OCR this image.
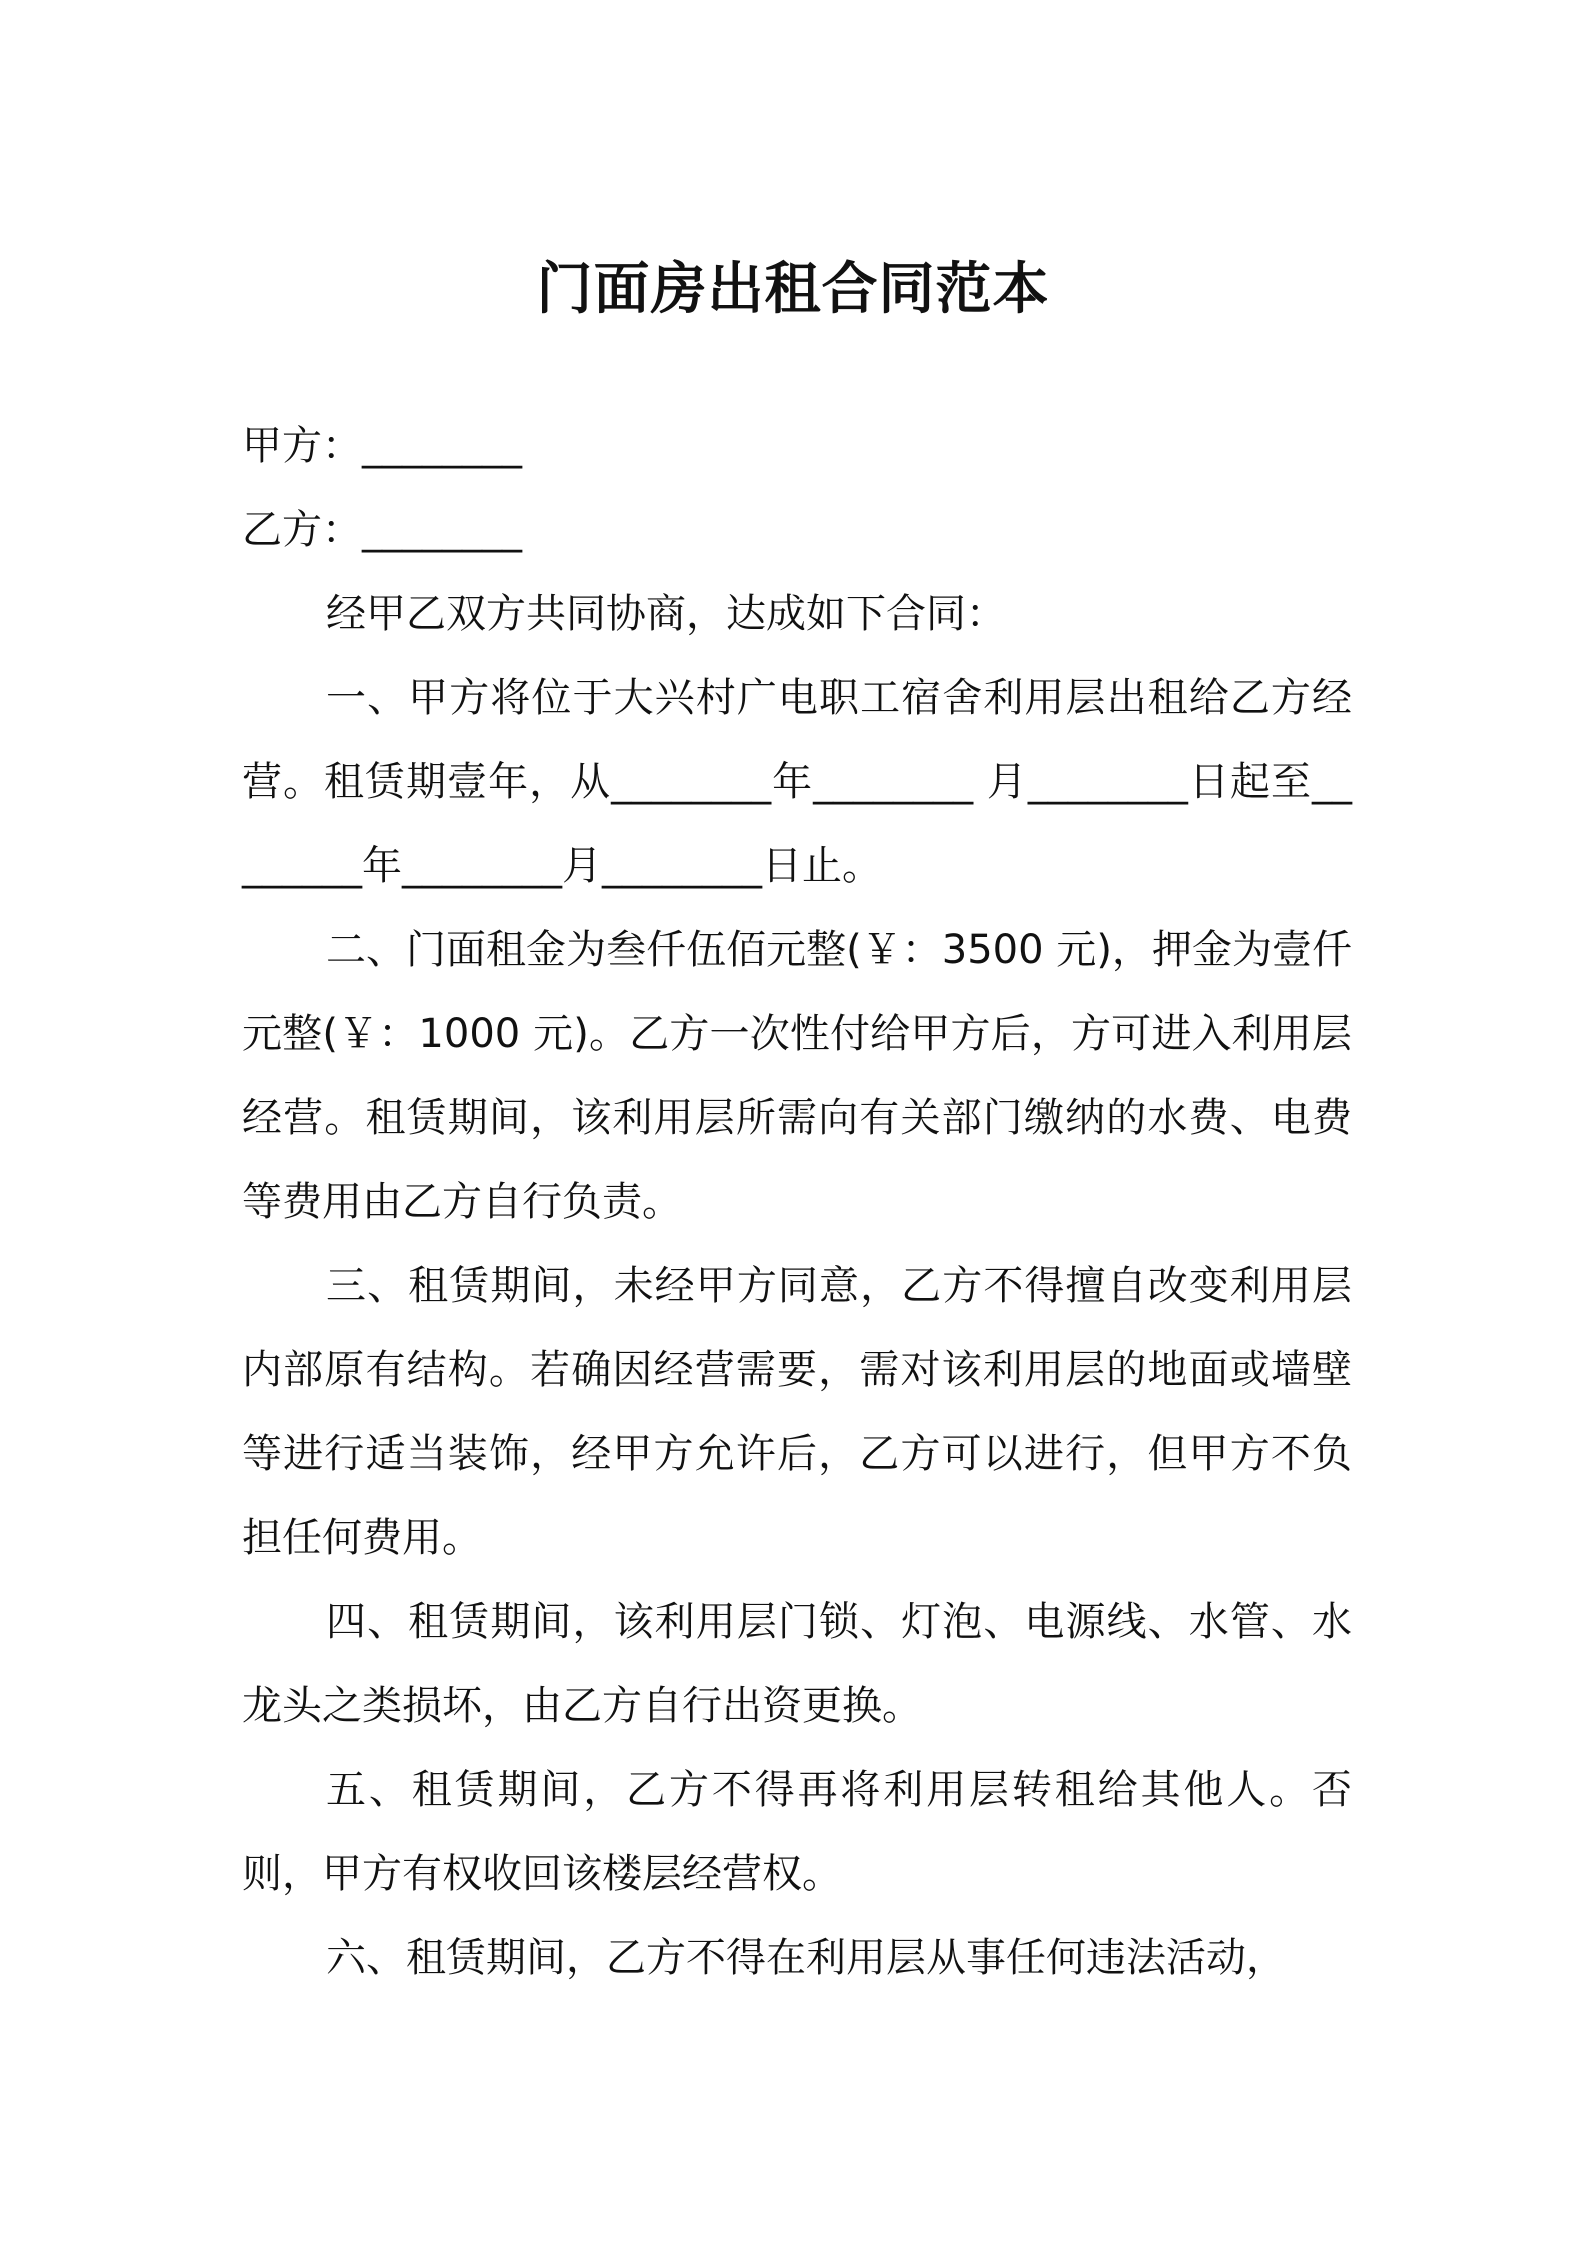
门面房出租合同范本

甲方：________

乙方：________

经甲乙双方共同协商，达成如下合同：

一、甲方将位于大兴村广电职工宿舍利用层出租给乙方经营。租赁期壹年，从________年________ 月________日起至________年________月________日止。

二、门面租金为叁仟伍佰元整(￥：3500 元)，押金为壹仟元整(￥：1000 元)。乙方一次性付给甲方后，方可进入利用层经营。租赁期间，该利用层所需向有关部门缴纳的水费、电费等费用由乙方自行负责。

三、租赁期间，未经甲方同意，乙方不得擅自改变利用层内部原有结构。若确因经营需要，需对该利用层的地面或墙壁等进行适当装饰，经甲方允许后，乙方可以进行，但甲方不负担任何费用。

四、租赁期间，该利用层门锁、灯泡、电源线、水管、水龙头之类损坏，由乙方自行出资更换。

五、租赁期间，乙方不得再将利用层转租给其他人。否则，甲方有权收回该楼层经营权。

六、租赁期间，乙方不得在利用层从事任何违法活动，
